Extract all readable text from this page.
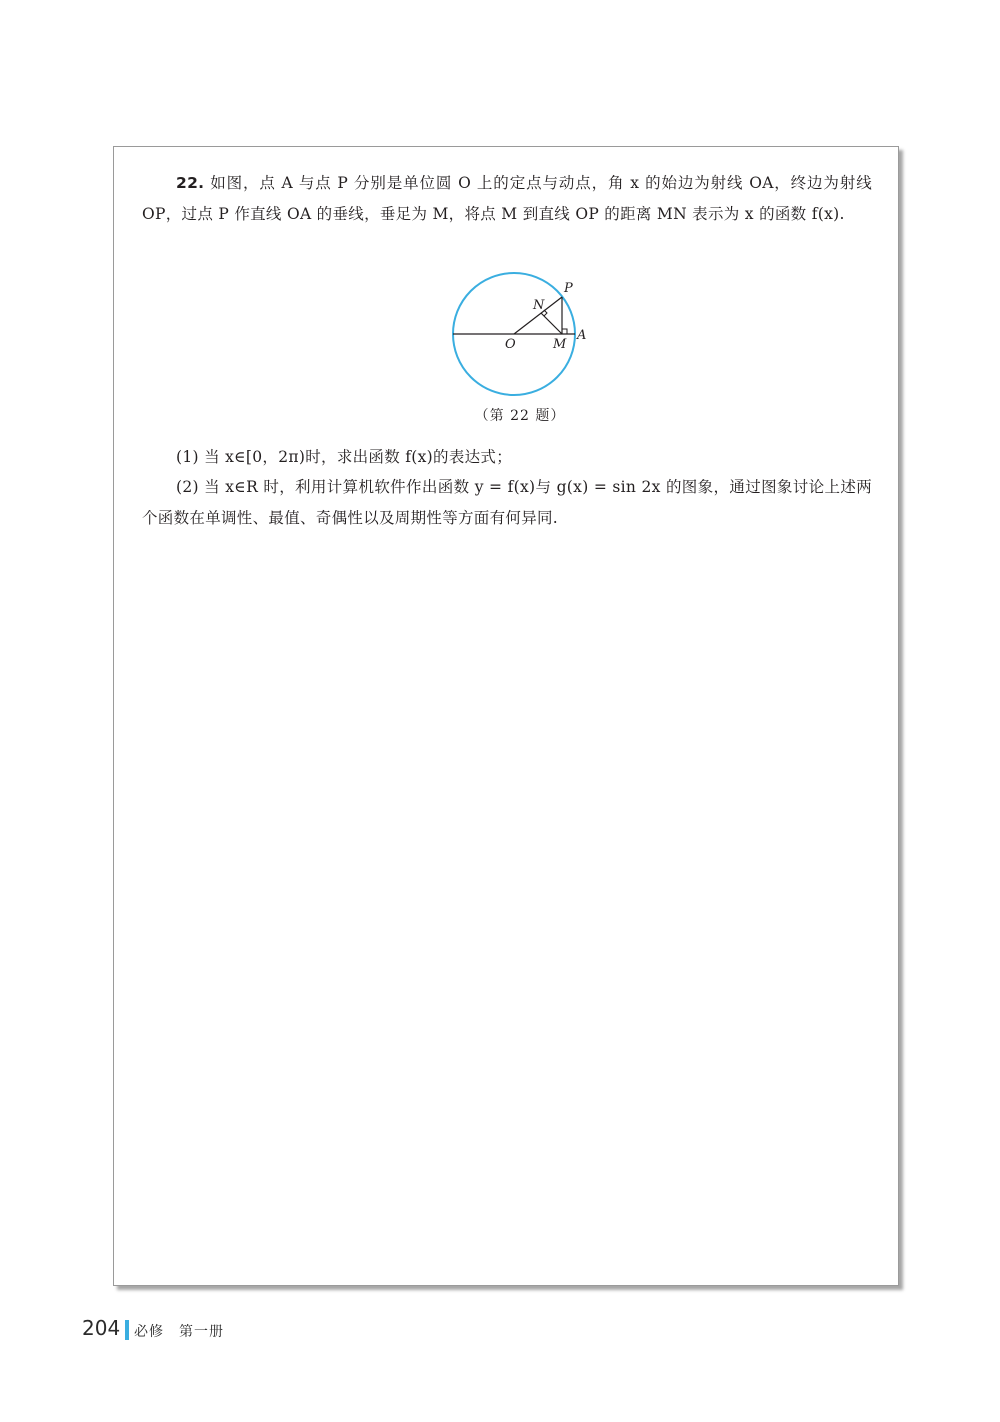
22. 如图，点 A 与点 P 分别是单位圆 O 上的定点与动点，角 x 的始边为射线 OA，终边为射线 OP，过点 P 作直线 OA 的垂线，垂足为 M，将点 M 到直线 OP 的距离 MN 表示为 x 的函数 f(x).

P
N
O	M
A

（第 22 题）

(1) 当 x∈[0，2π)时，求出函数 f(x)的表达式；

(2) 当 x∈R 时，利用计算机软件作出函数 y = f(x)与 g(x) = sin 2x 的图象，通过图象讨论上述两个函数在单调性、最值、奇偶性以及周期性等方面有何异同.

204 必修　第一册
